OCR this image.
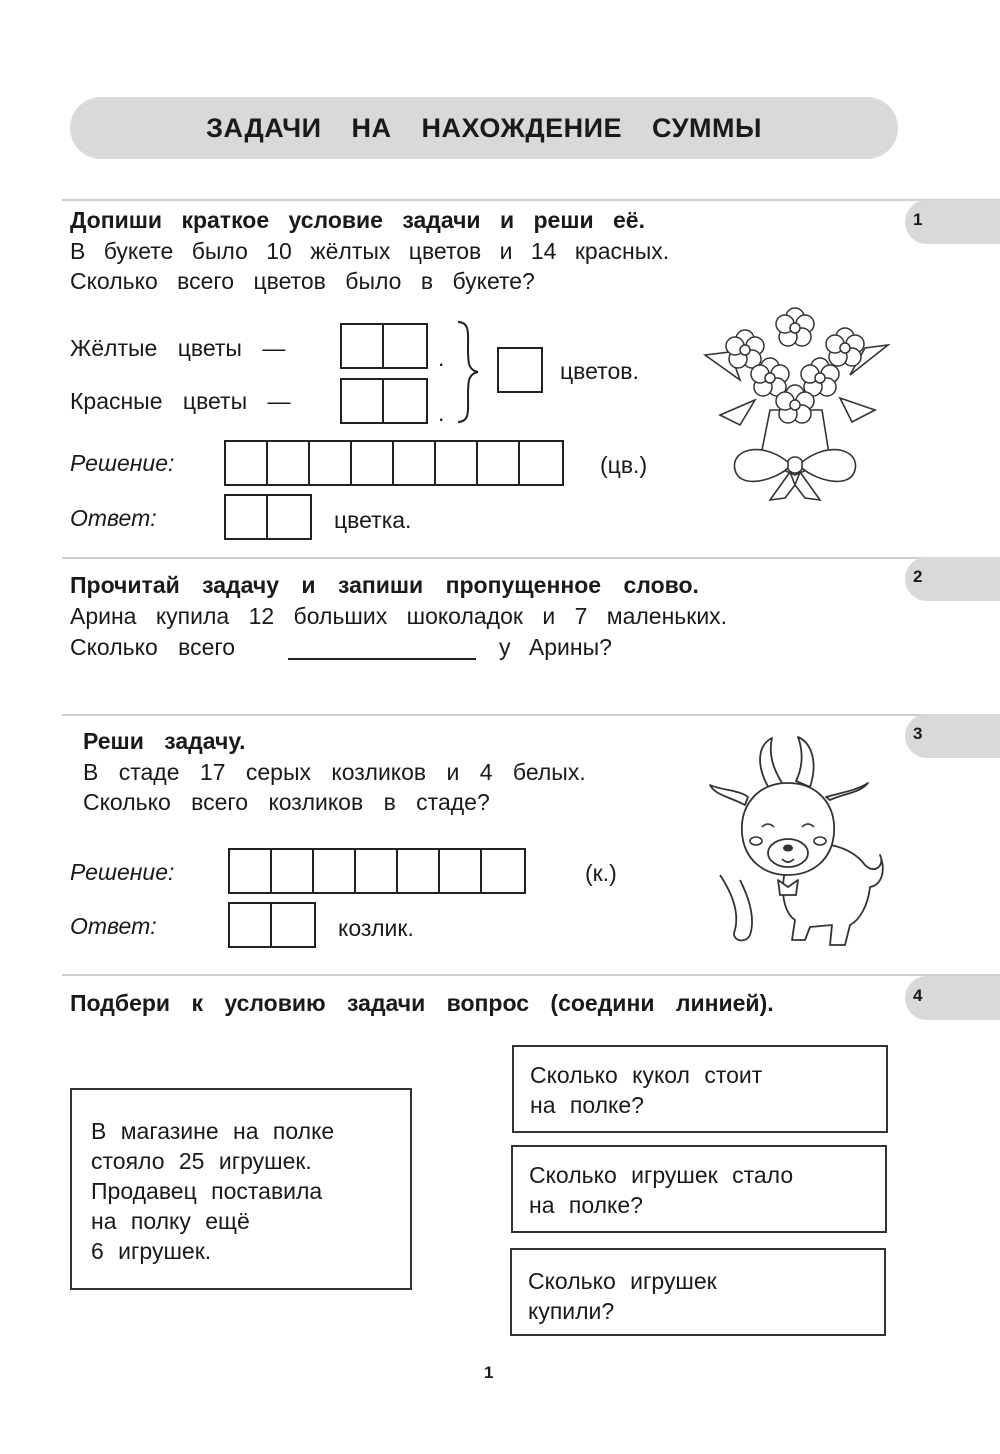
ЗАДАЧИ НА НАХОЖДЕНИЕ СУММЫ
1
Допиши краткое условие задачи и реши её.
В букете было 10 жёлтых цветов и 14 красных.
Сколько всего цветов было в букете?
Жёлтые цветы —	.
Красные цветы —	.
цветов.
Решение:	(цв.)
Ответ:	цветка.
2
Прочитай задачу и запиши пропущенное слово.
Арина купила 12 больших шоколадок и 7 маленьких.
Сколько всего	у Арины?
3
Реши задачу.
В стаде 17 серых козликов и 4 белых.
Сколько всего козликов в стаде?
Решение:	(к.)
Ответ:	козлик.
4
Подбери к условию задачи вопрос (соедини линией).
В магазине на полке
стояло 25 игрушек.
Продавец поставила
на полку ещё
6 игрушек.
Сколько кукол стоит
на полке?
Сколько игрушек стало
на полке?
Сколько игрушек
купили?
1
